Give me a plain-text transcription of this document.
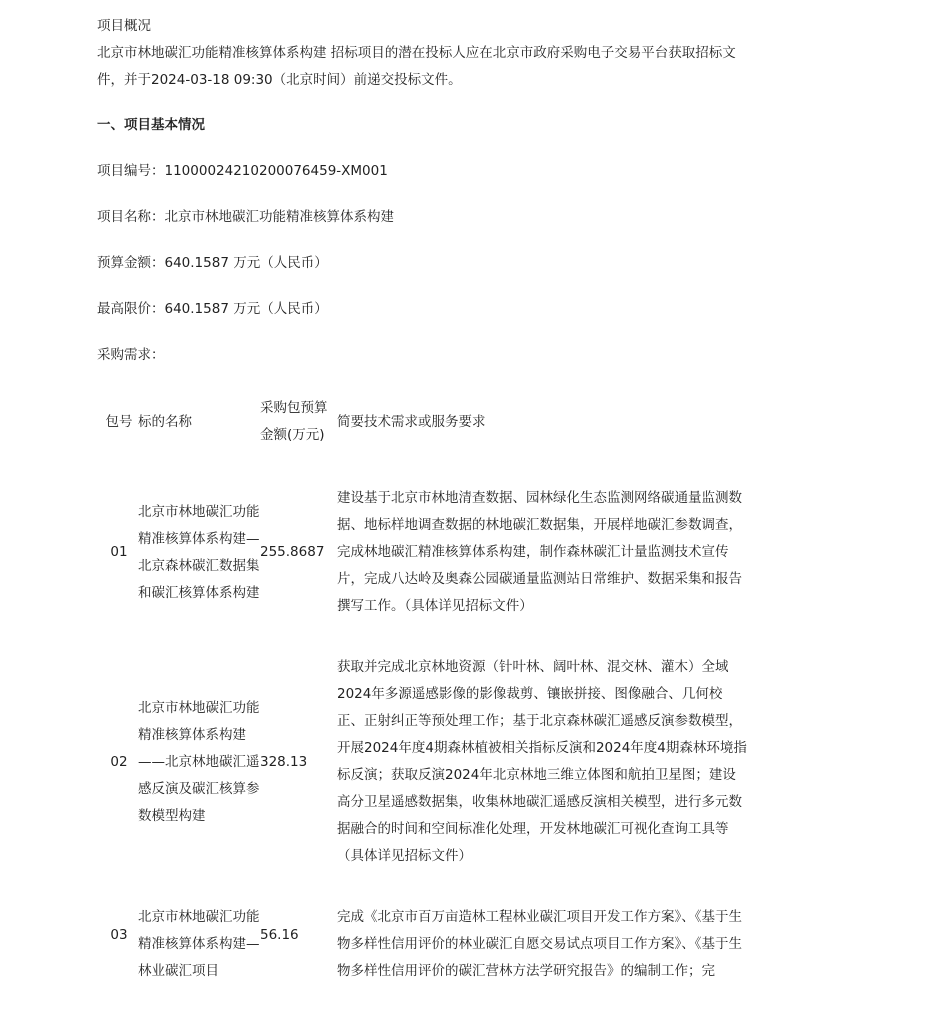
项目概况

北京市林地碳汇功能精准核算体系构建 招标项目的潜在投标人应在北京市政府采购电子交易平台获取招标文

件，并于2024-03-18 09:30（北京时间）前递交投标文件。

一、项目基本情况

项目编号：11000024210200076459-XM001

项目名称：北京市林地碳汇功能精准核算体系构建

预算金额：640.1587 万元（人民币）

最高限价：640.1587 万元（人民币）

采购需求：

包号	标的名称	采购包预算金额(万元)	简要技术需求或服务要求

01	北京市林地碳汇功能精准核算体系构建—北京森林碳汇数据集和碳汇核算体系构建	255.8687	建设基于北京市林地清查数据、园林绿化生态监测网络碳通量监测数据、地标样地调查数据的林地碳汇数据集，开展样地碳汇参数调查，完成林地碳汇精准核算体系构建，制作森林碳汇计量监测技术宣传片，完成八达岭及奥森公园碳通量监测站日常维护、数据采集和报告撰写工作。（具体详见招标文件）

02	北京市林地碳汇功能精准核算体系构建——北京林地碳汇遥感反演及碳汇核算参数模型构建	328.13	获取并完成北京林地资源（针叶林、阔叶林、混交林、灌木）全域2024年多源遥感影像的影像裁剪、镶嵌拼接、图像融合、几何校正、正射纠正等预处理工作；基于北京森林碳汇遥感反演参数模型，开展2024年度4期森林植被相关指标反演和2024年度4期森林环境指标反演；获取反演2024年北京林地三维立体图和航拍卫星图；建设高分卫星遥感数据集，收集林地碳汇遥感反演相关模型，进行多元数据融合的时间和空间标准化处理，开发林地碳汇可视化查询工具等（具体详见招标文件）

03	北京市林地碳汇功能精准核算体系构建—林业碳汇项目	56.16	完成《北京市百万亩造林工程林业碳汇项目开发工作方案》、《基于生物多样性信用评价的林业碳汇自愿交易试点项目工作方案》、《基于生物多样性信用评价的碳汇营林方法学研究报告》的编制工作；完
